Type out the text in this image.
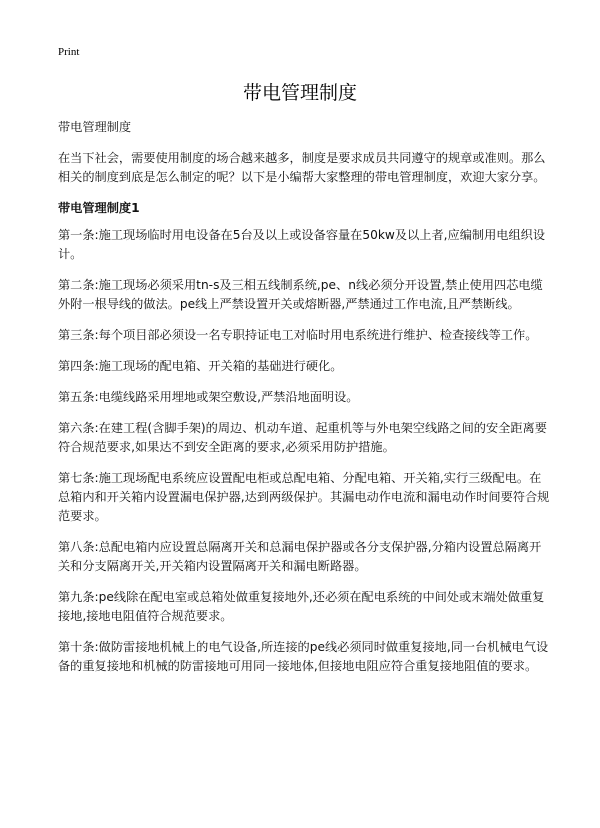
Print
带电管理制度

带电管理制度

在当下社会，需要使用制度的场合越来越多，制度是要求成员共同遵守的规章或准则。那么相关的制度到底是怎么制定的呢？以下是小编帮大家整理的带电管理制度，欢迎大家分享。

带电管理制度1

第一条:施工现场临时用电设备在5台及以上或设备容量在50kw及以上者,应编制用电组织设计。

第二条:施工现场必须采用tn-s及三相五线制系统,pe、n线必须分开设置,禁止使用四芯电缆外附一根导线的做法。pe线上严禁设置开关或熔断器,严禁通过工作电流,且严禁断线。

第三条:每个项目部必须设一名专职持证电工对临时用电系统进行维护、检查接线等工作。

第四条:施工现场的配电箱、开关箱的基础进行硬化。

第五条:电缆线路采用埋地或架空敷设,严禁沿地面明设。

第六条:在建工程(含脚手架)的周边、机动车道、起重机等与外电架空线路之间的安全距离要符合规范要求,如果达不到安全距离的要求,必须采用防护措施。

第七条:施工现场配电系统应设置配电柜或总配电箱、分配电箱、开关箱,实行三级配电。在总箱内和开关箱内设置漏电保护器,达到两级保护。其漏电动作电流和漏电动作时间要符合规范要求。

第八条:总配电箱内应设置总隔离开关和总漏电保护器或各分支保护器,分箱内设置总隔离开关和分支隔离开关,开关箱内设置隔离开关和漏电断路器。

第九条:pe线除在配电室或总箱处做重复接地外,还必须在配电系统的中间处或末端处做重复接地,接地电阻值符合规范要求。

第十条:做防雷接地机械上的电气设备,所连接的pe线必须同时做重复接地,同一台机械电气设备的重复接地和机械的防雷接地可用同一接地体,但接地电阻应符合重复接地阻值的要求。
